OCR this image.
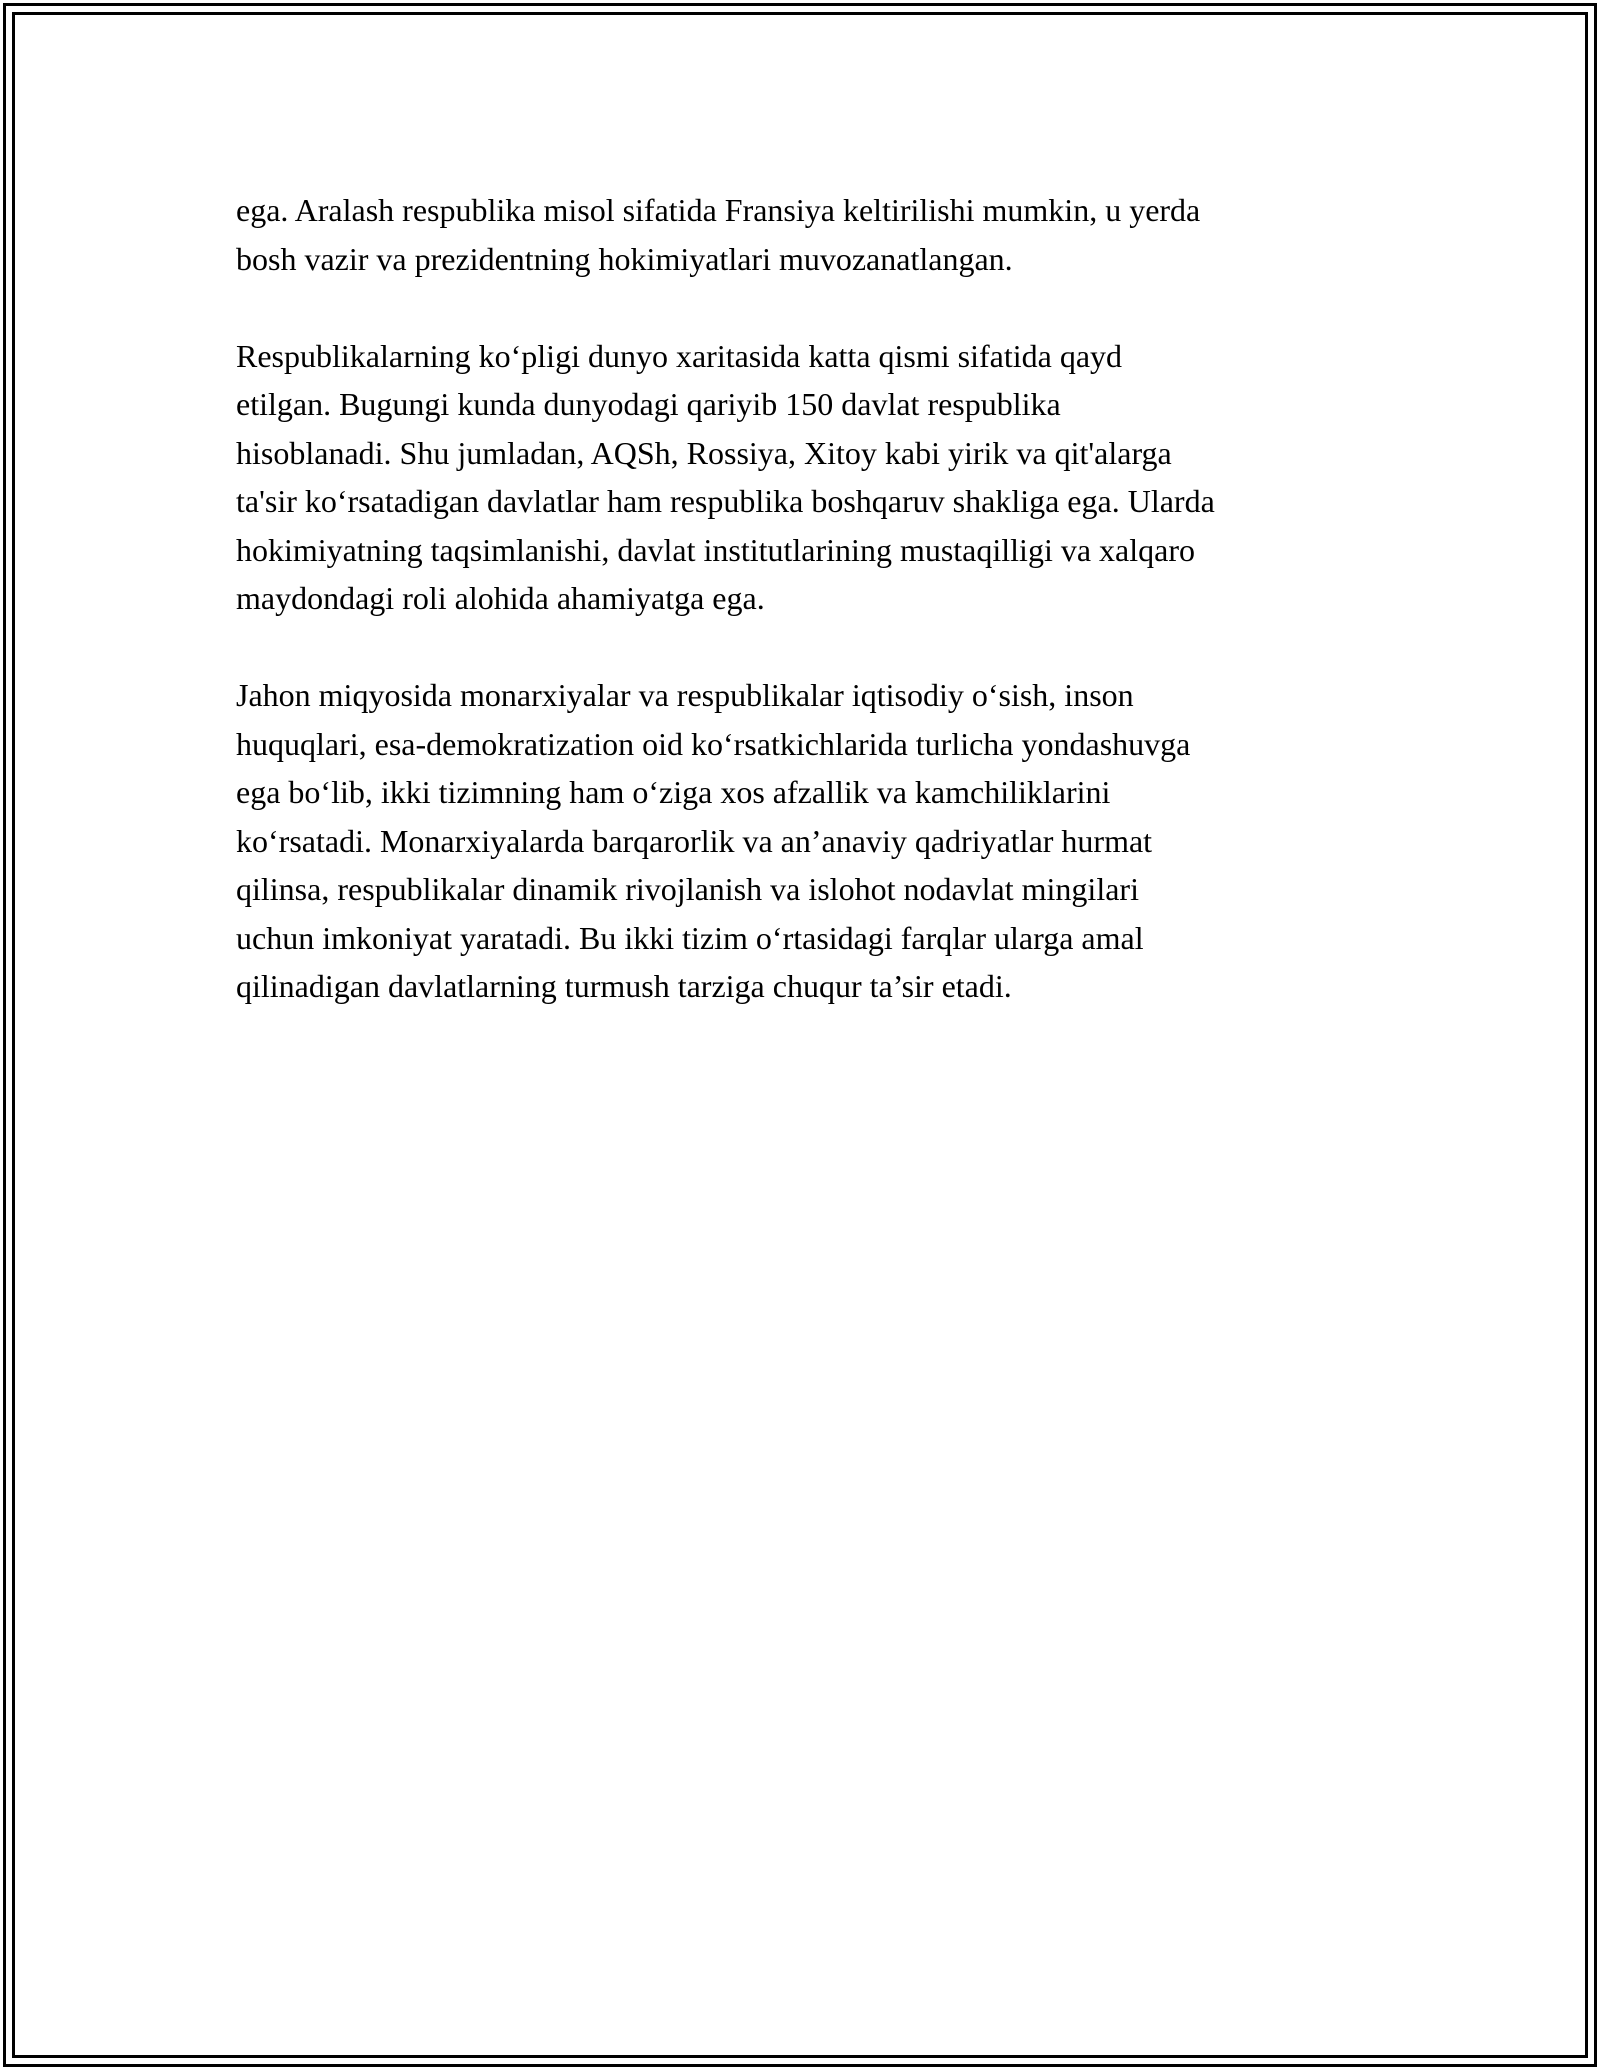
ega. Aralash respublika misol sifatida Fransiya keltirilishi mumkin, u yerda
bosh vazir va prezidentning hokimiyatlari muvozanatlangan.

Respublikalarning ko‘pligi dunyo xaritasida katta qismi sifatida qayd
etilgan. Bugungi kunda dunyodagi qariyib 150 davlat respublika
hisoblanadi. Shu jumladan, AQSh, Rossiya, Xitoy kabi yirik va qit'alarga
ta'sir ko‘rsatadigan davlatlar ham respublika boshqaruv shakliga ega. Ularda
hokimiyatning taqsimlanishi, davlat institutlarining mustaqilligi va xalqaro
maydondagi roli alohida ahamiyatga ega.

Jahon miqyosida monarxiyalar va respublikalar iqtisodiy o‘sish, inson
huquqlari, esa-demokratization oid ko‘rsatkichlarida turlicha yondashuvga
ega bo‘lib, ikki tizimning ham o‘ziga xos afzallik va kamchiliklarini
ko‘rsatadi. Monarxiyalarda barqarorlik va an’anaviy qadriyatlar hurmat
qilinsa, respublikalar dinamik rivojlanish va islohot nodavlat mingilari
uchun imkoniyat yaratadi. Bu ikki tizim o‘rtasidagi farqlar ularga amal
qilinadigan davlatlarning turmush tarziga chuqur ta’sir etadi.
